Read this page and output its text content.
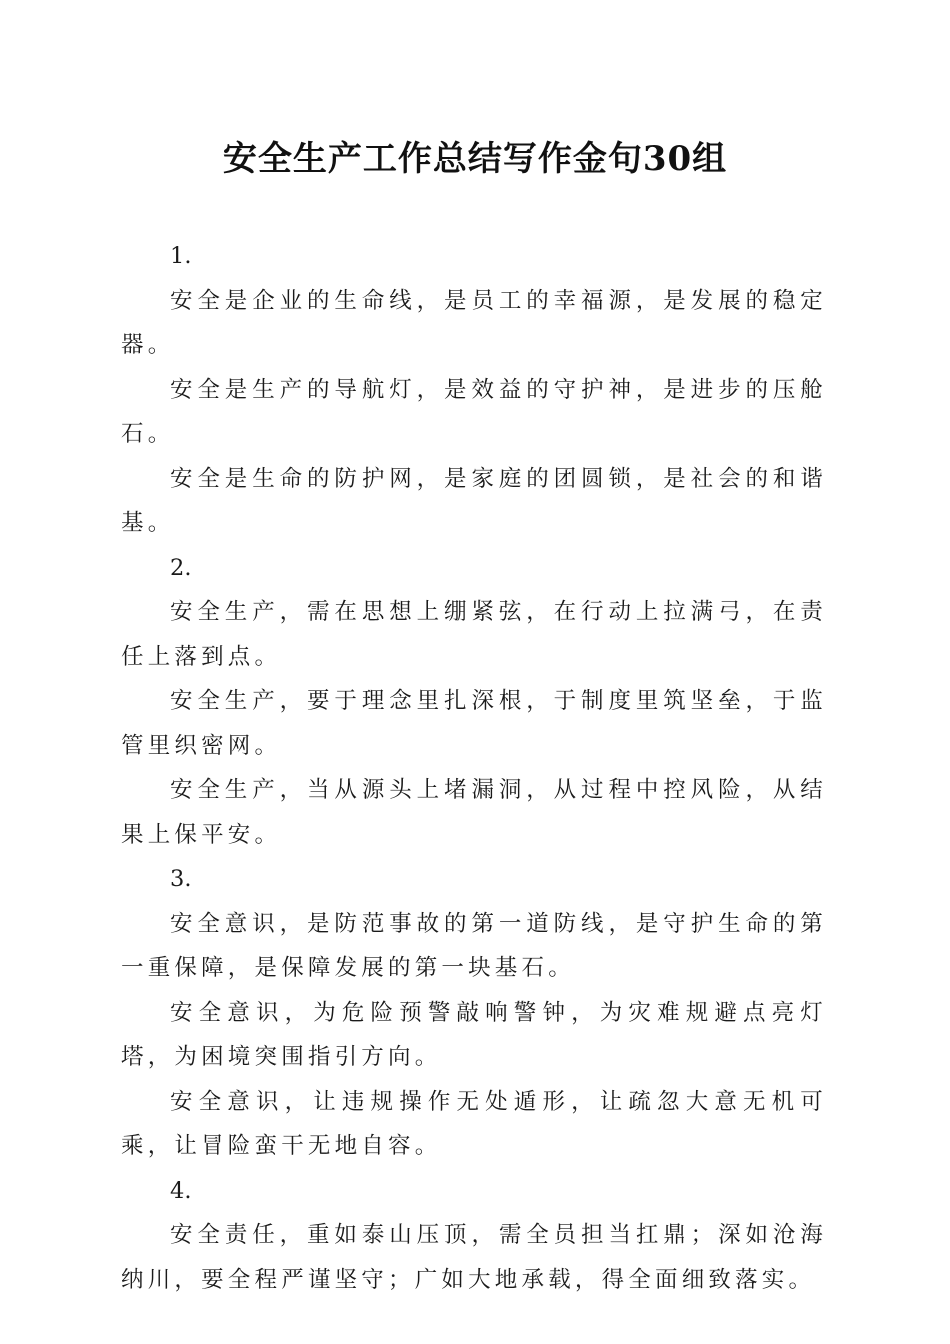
安全生产工作总结写作金句30组

1.

安全是企业的生命线，是员工的幸福源，是发展的稳定器。

安全是生产的导航灯，是效益的守护神，是进步的压舱石。

安全是生命的防护网，是家庭的团圆锁，是社会的和谐基。

2.

安全生产，需在思想上绷紧弦，在行动上拉满弓，在责任上落到点。

安全生产，要于理念里扎深根，于制度里筑坚垒，于监管里织密网。

安全生产，当从源头上堵漏洞，从过程中控风险，从结果上保平安。

3.

安全意识，是防范事故的第一道防线，是守护生命的第一重保障，是保障发展的第一块基石。

安全意识，为危险预警敲响警钟，为灾难规避点亮灯塔，为困境突围指引方向。

安全意识，让违规操作无处遁形，让疏忽大意无机可乘，让冒险蛮干无地自容。

4.

安全责任，重如泰山压顶，需全员担当扛鼎；深如沧海纳川，要全程严谨坚守；广如大地承载，得全面细致落实。
